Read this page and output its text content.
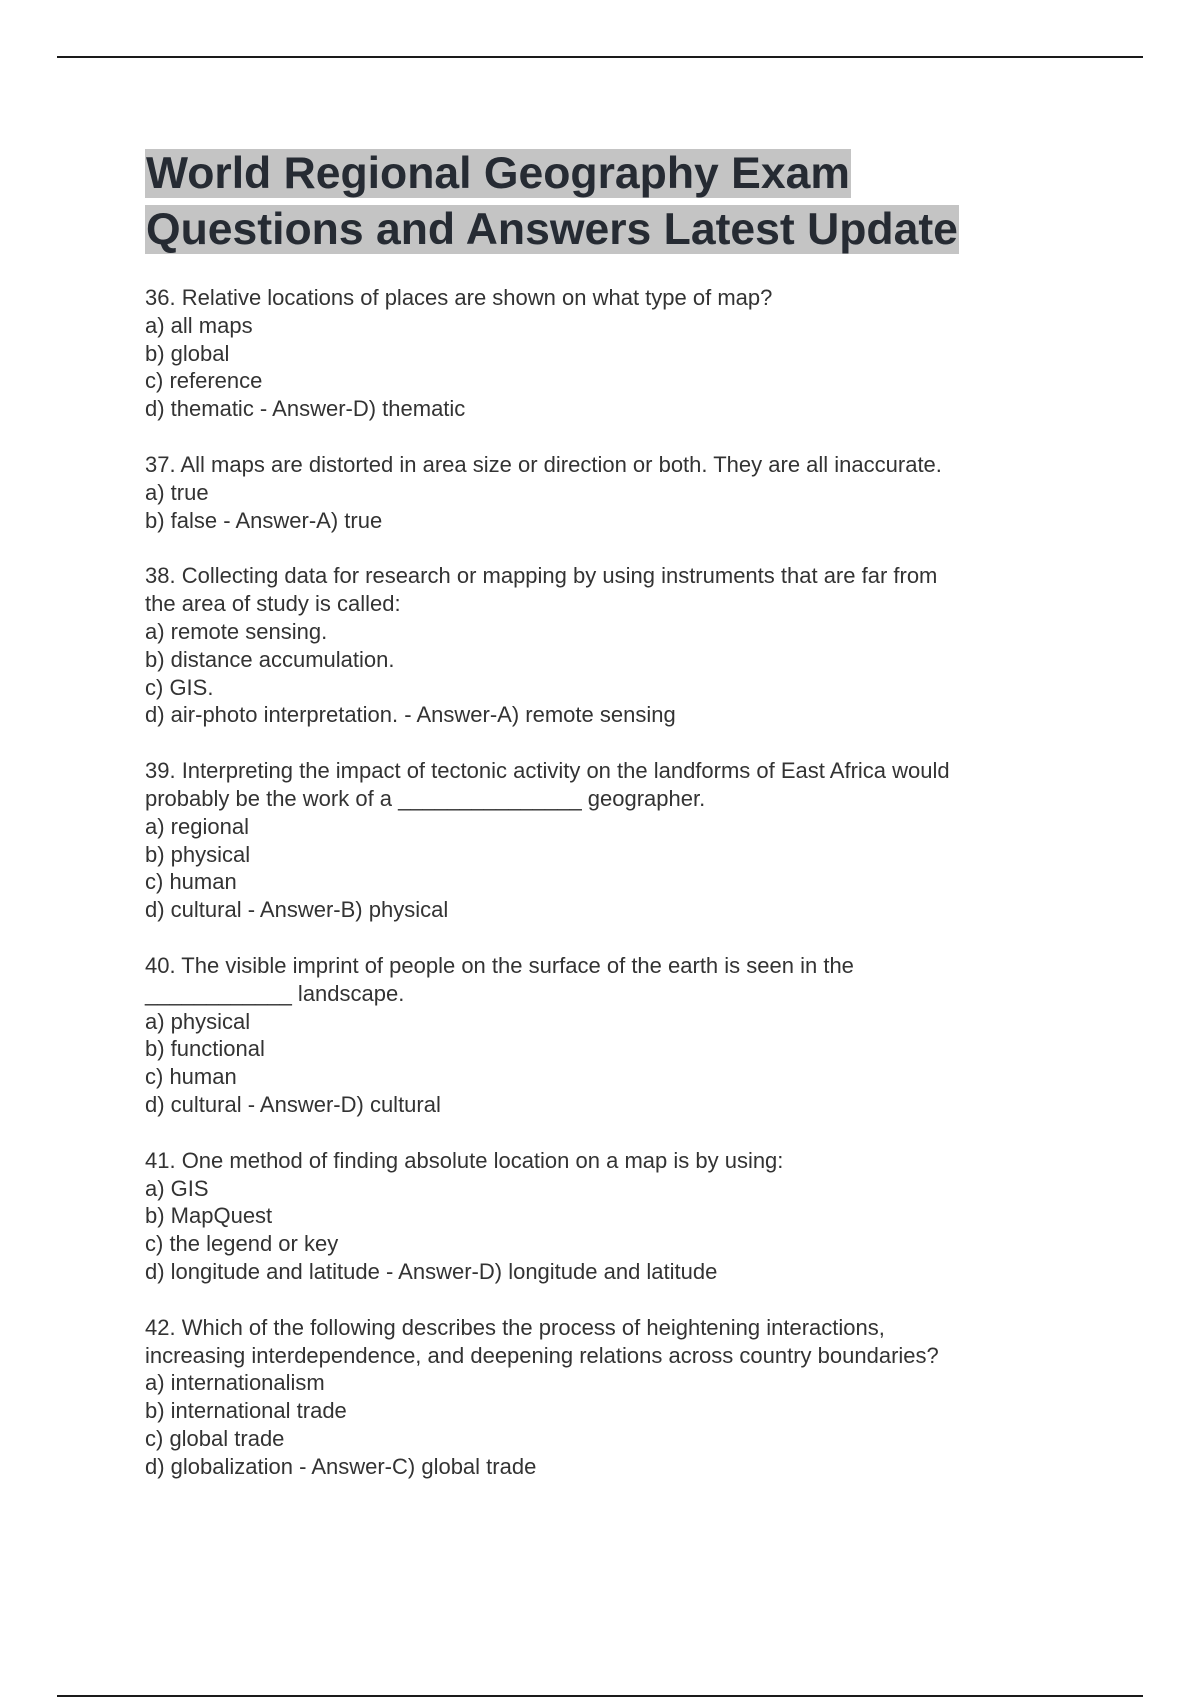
World Regional Geography Exam
Questions and Answers Latest Update
36. Relative locations of places are shown on what type of map?
a) all maps
b) global
c) reference
d) thematic - Answer-D) thematic
37. All maps are distorted in area size or direction or both. They are all inaccurate.
a) true
b) false - Answer-A) true
38. Collecting data for research or mapping by using instruments that are far from
the area of study is called:
a) remote sensing.
b) distance accumulation.
c) GIS.
d) air-photo interpretation. - Answer-A) remote sensing
39. Interpreting the impact of tectonic activity on the landforms of East Africa would
probably be the work of a _______________ geographer.
a) regional
b) physical
c) human
d) cultural - Answer-B) physical
40. The visible imprint of people on the surface of the earth is seen in the
____________ landscape.
a) physical
b) functional
c) human
d) cultural - Answer-D) cultural
41. One method of finding absolute location on a map is by using:
a) GIS
b) MapQuest
c) the legend or key
d) longitude and latitude - Answer-D) longitude and latitude
42. Which of the following describes the process of heightening interactions,
increasing interdependence, and deepening relations across country boundaries?
a) internationalism
b) international trade
c) global trade
d) globalization - Answer-C) global trade
